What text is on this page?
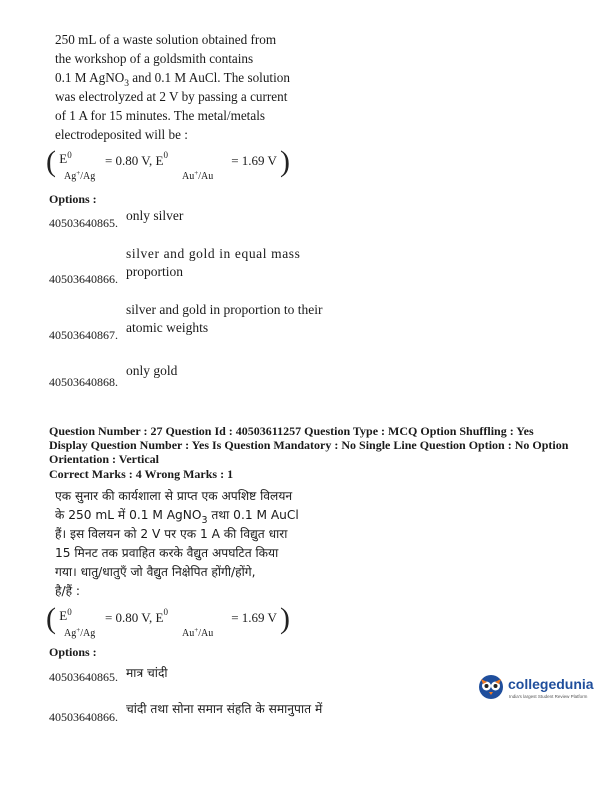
250 mL of a waste solution obtained from
the workshop of a goldsmith contains
0.1 M AgNO$_3$ and 0.1 M AuCl. The solution
was electrolyzed at 2 V by passing a current
of 1 A for 15 minutes. The metal/metals
electrodeposited will be :
( $E^0$
Ag+/Ag
= 0.80 V, $E^0$
Au+/Au
= 1.69 V )
Options :
40503640865. only silver
40503640866.
silver and gold in equal mass
proportion
40503640867.
silver and gold in proportion to their
atomic weights
40503640868.
only gold
Question Number : 27 Question Id : 40503611257 Question Type : MCQ Option Shuffling : Yes
Display Question Number : Yes Is Question Mandatory : No Single Line Question Option : No Option
Orientation : Vertical
Correct Marks : 4 Wrong Marks : 1
एक सुनार की कार्यशाला से प्राप्त एक अपशिष्ट विलयन
के 250 mL में 0.1 M AgNO$_3$ तथा 0.1 M AuCl
हैं। इस विलयन को 2 V पर एक 1 A की विद्युत धारा
15 मिनट तक प्रवाहित करके वैद्युत अपघटित किया
गया। धातु/धातुएँ जो वैद्युत निक्षेपित होंगी/होंगे,
है/हैं :
( $E^0$
Ag+/Ag
= 0.80 V, $E^0$
Au+/Au
= 1.69 V )
Options :
40503640865. मात्र चांदी
40503640866.
चांदी तथा सोना समान संहति के समानुपात में
collegedunia
India's largest Student Review Platform
